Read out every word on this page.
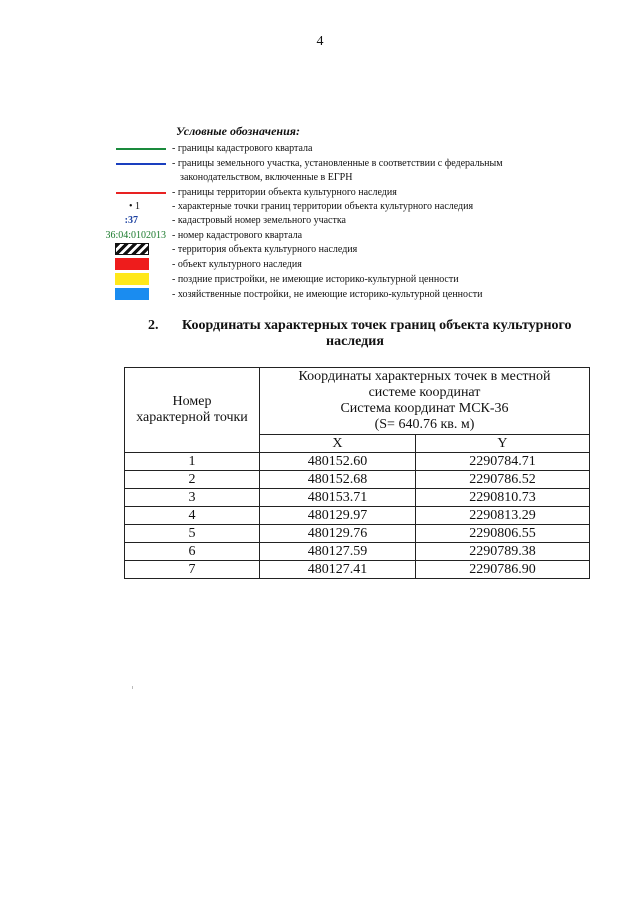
4
Условные обозначения:
- границы кадастрового квартала
- границы земельного участка, установленные в соответствии с федеральным
законодательством, включенные в ЕГРН
- границы территории объекта культурного наследия
• 1	- характерные точки границ территории объекта культурного наследия
:37	- кадастровый номер земельного участка
36:04:0102013 - номер кадастрового квартала
- территория объекта культурного наследия
- объект культурного наследия
- поздние пристройки, не имеющие историко-культурной ценности
- хозяйственные постройки, не имеющие историко-культурной ценности
2. Координаты характерных точек границ объекта культурного
наследия
Номер
характерной точки	Координаты характерных точек в местной
системе координат
Система координат МСК-36
(S= 640.76 кв. м)	
	X	Y
1	480152.60	2290784.71
2	480152.68	2290786.52
3	480153.71	2290810.73
4	480129.97	2290813.29
5	480129.76	2290806.55
6	480127.59	2290789.38
7	480127.41	2290786.90
